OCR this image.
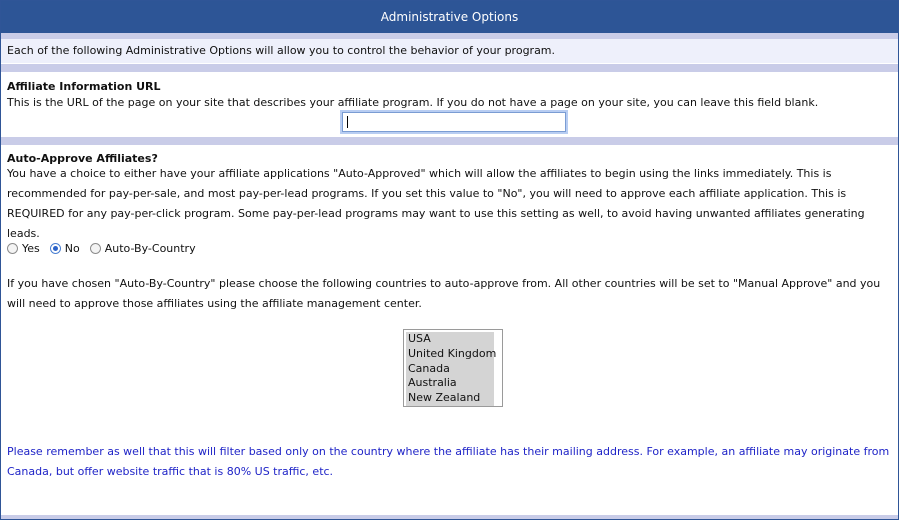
Administrative Options
Each of the following Administrative Options will allow you to control the behavior of your program.
Affiliate Information URL
This is the URL of the page on your site that describes your affiliate program. If you do not have a page on your site, you can leave this field blank.
Auto-Approve Affiliates?
You have a choice to either have your affiliate applications "Auto-Approved" which will allow the affiliates to begin using the links immediately. This is recommended for pay-per-sale, and most pay-per-lead programs. If you set this value to "No", you will need to approve each affiliate application. This is REQUIRED for any pay-per-click program. Some pay-per-lead programs may want to use this setting as well, to avoid having unwanted affiliates generating leads.
Yes No Auto-By-Country
If you have chosen "Auto-By-Country" please choose the following countries to auto-approve from. All other countries will be set to "Manual Approve" and you will need to approve those affiliates using the affiliate management center.
USA
United Kingdom
Canada
Australia
New Zealand
Please remember as well that this will filter based only on the country where the affiliate has their mailing address. For example, an affiliate may originate from Canada, but offer website traffic that is 80% US traffic, etc.
